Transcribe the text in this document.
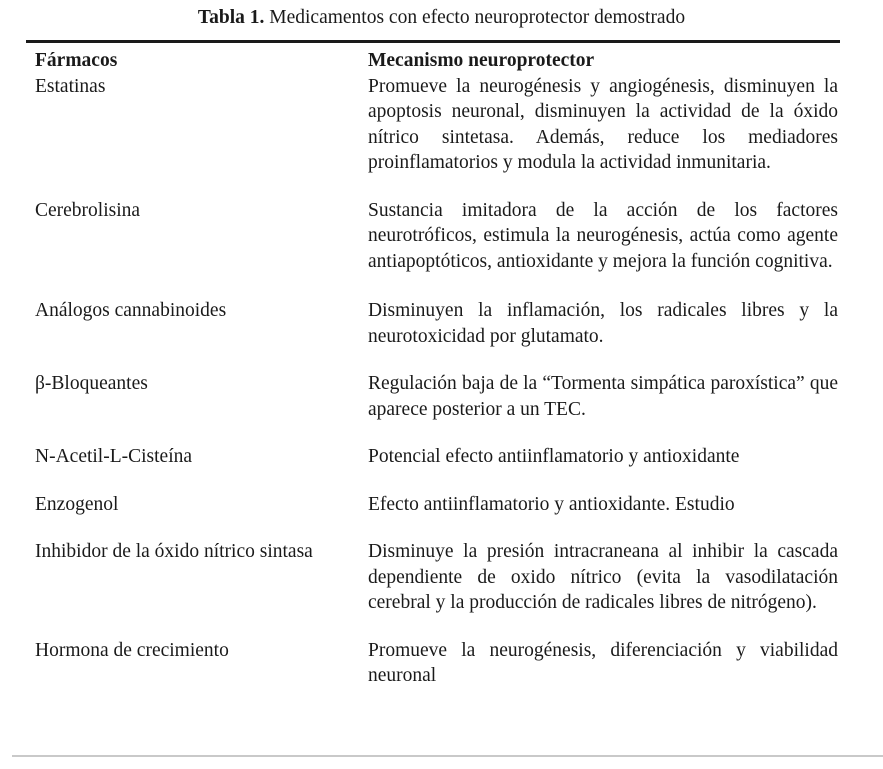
Tabla 1. Medicamentos con efecto neuroprotector demostrado
Fármacos	Mecanismo neuroprotector
Estatinas	Promueve la neurogénesis y angiogénesis, disminuyen la apoptosis neuronal, disminuyen la actividad de la óxido nítrico sintetasa. Además, reduce los mediadores proinflamatorios y modula la actividad inmunitaria.
Cerebrolisina	Sustancia imitadora de la acción de los factores neurotróficos, estimula la neurogénesis, actúa como agente antiapoptóticos, antioxidante y mejora la función cognitiva.
Análogos cannabinoides	Disminuyen la inflamación, los radicales libres y la neurotoxicidad por glutamato.
β-Bloqueantes	Regulación baja de la “Tormenta simpática paroxística” que aparece posterior a un TEC.
N-Acetil-L-Cisteína	Potencial efecto antiinflamatorio y antioxidante
Enzogenol	Efecto antiinflamatorio y antioxidante. Estudio
Inhibidor de la óxido nítrico sintasa	Disminuye la presión intracraneana al inhibir la cascada dependiente de oxido nítrico (evita la vasodilatación cerebral y la producción de radicales libres de nitrógeno).
Hormona de crecimiento	Promueve la neurogénesis, diferenciación y viabilidad neuronal
